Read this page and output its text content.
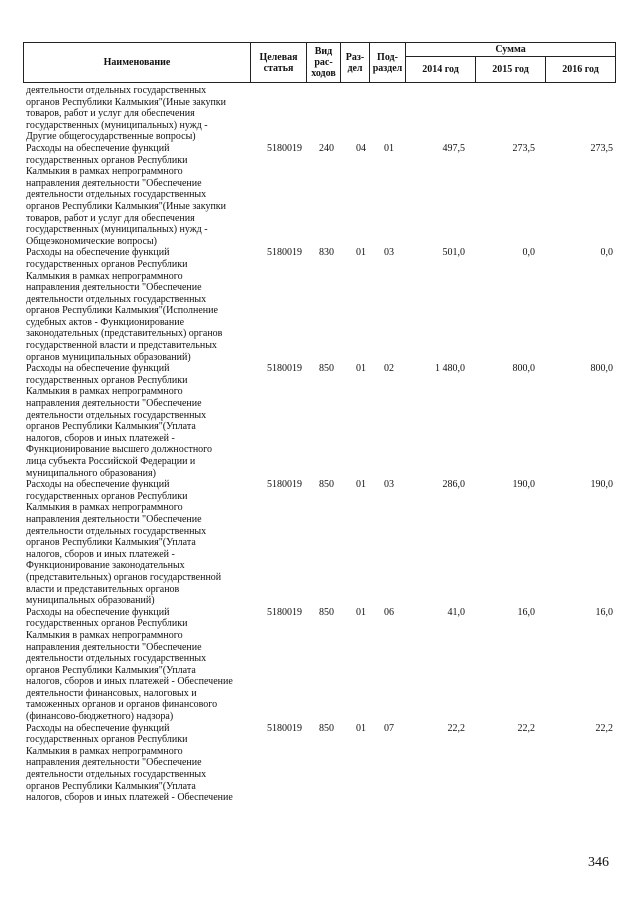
Наименование	Целевая статья	Вид рас-ходов	Раз-дел	Под-раздел	Сумма		
					2014 год	2015 год	2016 год
деятельности отдельных государственных
органов Республики Калмыкия"(Иные закупки
товаров, работ и услуг для обеспечения
государственных (муниципальных) нужд -
Другие общегосударственные вопросы)
Расходы на обеспечение функций
государственных органов Республики
Калмыкия в рамках непрограммного
направления деятельности "Обеспечение
деятельности отдельных государственных
органов Республики Калмыкия"(Иные закупки
товаров, работ и услуг для обеспечения
государственных (муниципальных) нужд -
Общеэкономические вопросы)
5180019 240 04 01	497,5	273,5	273,5
Расходы на обеспечение функций
государственных органов Республики
Калмыкия в рамках непрограммного
направления деятельности "Обеспечение
деятельности отдельных государственных
органов Республики Калмыкия"(Исполнение
судебных актов - Функционирование
законодательных (представительных) органов
государственной власти и представительных
органов муниципальных образований)
5180019 830 01 03	501,0	0,0	0,0
Расходы на обеспечение функций
государственных органов Республики
Калмыкия в рамках непрограммного
направления деятельности "Обеспечение
деятельности отдельных государственных
органов Республики Калмыкия"(Уплата
налогов, сборов и иных платежей -
Функционирование высшего должностного
лица субъекта Российской Федерации и
муниципального образования)
5180019 850 01 02	1 480,0	800,0	800,0
Расходы на обеспечение функций
государственных органов Республики
Калмыкия в рамках непрограммного
направления деятельности "Обеспечение
деятельности отдельных государственных
органов Республики Калмыкия"(Уплата
налогов, сборов и иных платежей -
Функционирование законодательных
(представительных) органов государственной
власти и представительных органов
муниципальных образований)
5180019 850 01 03	286,0	190,0	190,0
Расходы на обеспечение функций
государственных органов Республики
Калмыкия в рамках непрограммного
направления деятельности "Обеспечение
деятельности отдельных государственных
органов Республики Калмыкия"(Уплата
налогов, сборов и иных платежей - Обеспечение
деятельности финансовых, налоговых и
таможенных органов и органов финансового
(финансово-бюджетного) надзора)
5180019 850 01 06	41,0	16,0	16,0
Расходы на обеспечение функций
государственных органов Республики
Калмыкия в рамках непрограммного
направления деятельности "Обеспечение
деятельности отдельных государственных
органов Республики Калмыкия"(Уплата
налогов, сборов и иных платежей - Обеспечение
5180019 850 01 07	22,2	22,2	22,2
346
